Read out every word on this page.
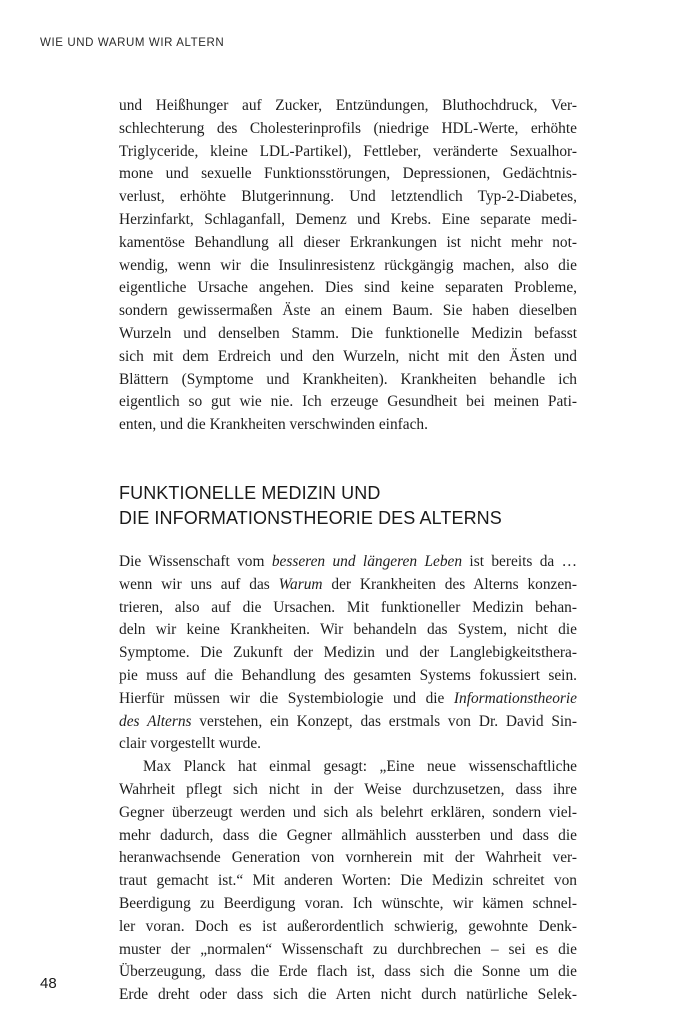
WIE UND WARUM WIR ALTERN
und Heißhunger auf Zucker, Entzündungen, Bluthochdruck, Ver-
schlechterung des Cholesterinprofils (niedrige HDL-Werte, erhöhte
Triglyceride, kleine LDL-Partikel), Fettleber, veränderte Sexualhor-
mone und sexuelle Funktionsstörungen, Depressionen, Gedächtnis-
verlust, erhöhte Blutgerinnung. Und letztendlich Typ-2-Diabetes,
Herzinfarkt, Schlaganfall, Demenz und Krebs. Eine separate medi-
kamentöse Behandlung all dieser Erkrankungen ist nicht mehr not-
wendig, wenn wir die Insulinresistenz rückgängig machen, also die
eigentliche Ursache angehen. Dies sind keine separaten Probleme,
sondern gewissermaßen Äste an einem Baum. Sie haben dieselben
Wurzeln und denselben Stamm. Die funktionelle Medizin befasst
sich mit dem Erdreich und den Wurzeln, nicht mit den Ästen und
Blättern (Symptome und Krankheiten). Krankheiten behandle ich
eigentlich so gut wie nie. Ich erzeuge Gesundheit bei meinen Pati-
enten, und die Krankheiten verschwinden einfach.
FUNKTIONELLE MEDIZIN UND
DIE INFORMATIONSTHEORIE DES ALTERNS
Die Wissenschaft vom besseren und längeren Leben ist bereits da …
wenn wir uns auf das Warum der Krankheiten des Alterns konzen-
trieren, also auf die Ursachen. Mit funktioneller Medizin behan-
deln wir keine Krankheiten. Wir behandeln das System, nicht die
Symptome. Die Zukunft der Medizin und der Langlebigkeitsthera-
pie muss auf die Behandlung des gesamten Systems fokussiert sein.
Hierfür müssen wir die Systembiologie und die Informationstheorie
des Alterns verstehen, ein Konzept, das erstmals von Dr. David Sin-
clair vorgestellt wurde.
Max Planck hat einmal gesagt: „Eine neue wissenschaftliche
Wahrheit pflegt sich nicht in der Weise durchzusetzen, dass ihre
Gegner überzeugt werden und sich als belehrt erklären, sondern viel-
mehr dadurch, dass die Gegner allmählich aussterben und dass die
heranwachsende Generation von vornherein mit der Wahrheit ver-
traut gemacht ist.“ Mit anderen Worten: Die Medizin schreitet von
Beerdigung zu Beerdigung voran. Ich wünschte, wir kämen schnel-
ler voran. Doch es ist außerordentlich schwierig, gewohnte Denk-
muster der „normalen“ Wissenschaft zu durchbrechen – sei es die
Überzeugung, dass die Erde flach ist, dass sich die Sonne um die
Erde dreht oder dass sich die Arten nicht durch natürliche Selek-
48
